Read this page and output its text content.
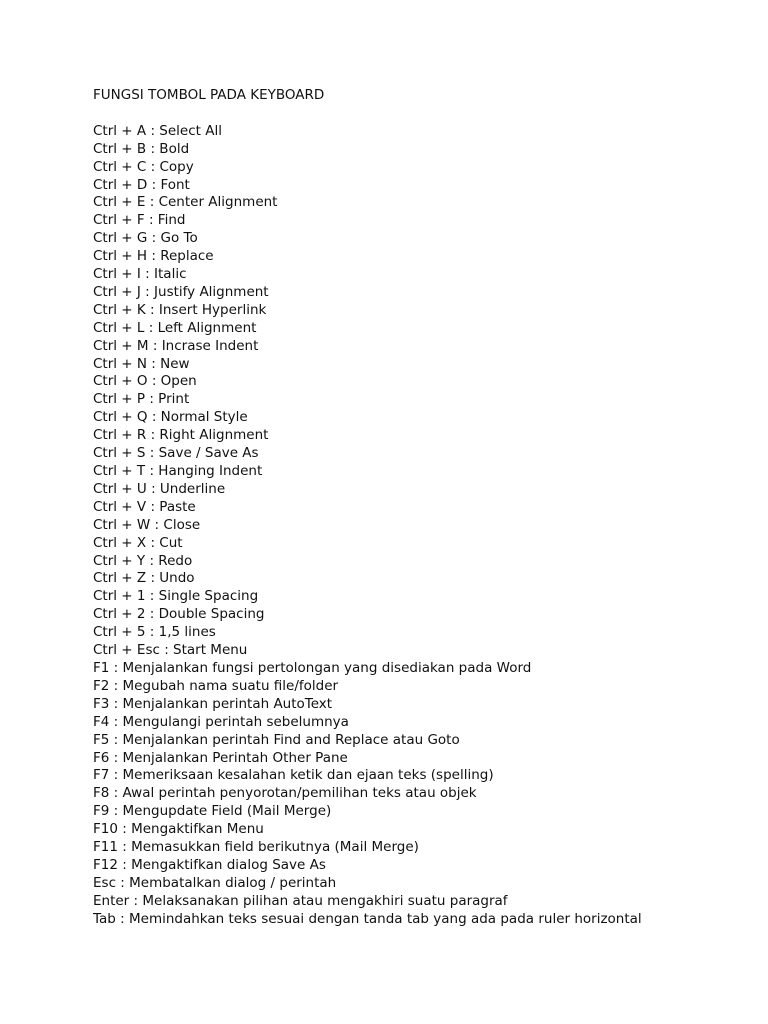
FUNGSI TOMBOL PADA KEYBOARD
Ctrl + A : Select All
Ctrl + B : Bold
Ctrl + C : Copy
Ctrl + D : Font
Ctrl + E : Center Alignment
Ctrl + F : Find
Ctrl + G : Go To
Ctrl + H : Replace
Ctrl + I : Italic
Ctrl + J : Justify Alignment
Ctrl + K : Insert Hyperlink
Ctrl + L : Left Alignment
Ctrl + M : Incrase Indent
Ctrl + N : New
Ctrl + O : Open
Ctrl + P : Print
Ctrl + Q : Normal Style
Ctrl + R : Right Alignment
Ctrl + S : Save / Save As
Ctrl + T : Hanging Indent
Ctrl + U : Underline
Ctrl + V : Paste
Ctrl + W : Close
Ctrl + X : Cut
Ctrl + Y : Redo
Ctrl + Z : Undo
Ctrl + 1 : Single Spacing
Ctrl + 2 : Double Spacing
Ctrl + 5 : 1,5 lines
Ctrl + Esc : Start Menu
F1 : Menjalankan fungsi pertolongan yang disediakan pada Word
F2 : Megubah nama suatu file/folder
F3 : Menjalankan perintah AutoText
F4 : Mengulangi perintah sebelumnya
F5 : Menjalankan perintah Find and Replace atau Goto
F6 : Menjalankan Perintah Other Pane
F7 : Memeriksaan kesalahan ketik dan ejaan teks (spelling)
F8 : Awal perintah penyorotan/pemilihan teks atau objek
F9 : Mengupdate Field (Mail Merge)
F10 : Mengaktifkan Menu
F11 : Memasukkan field berikutnya (Mail Merge)
F12 : Mengaktifkan dialog Save As
Esc : Membatalkan dialog / perintah
Enter : Melaksanakan pilihan atau mengakhiri suatu paragraf
Tab : Memindahkan teks sesuai dengan tanda tab yang ada pada ruler horizontal
